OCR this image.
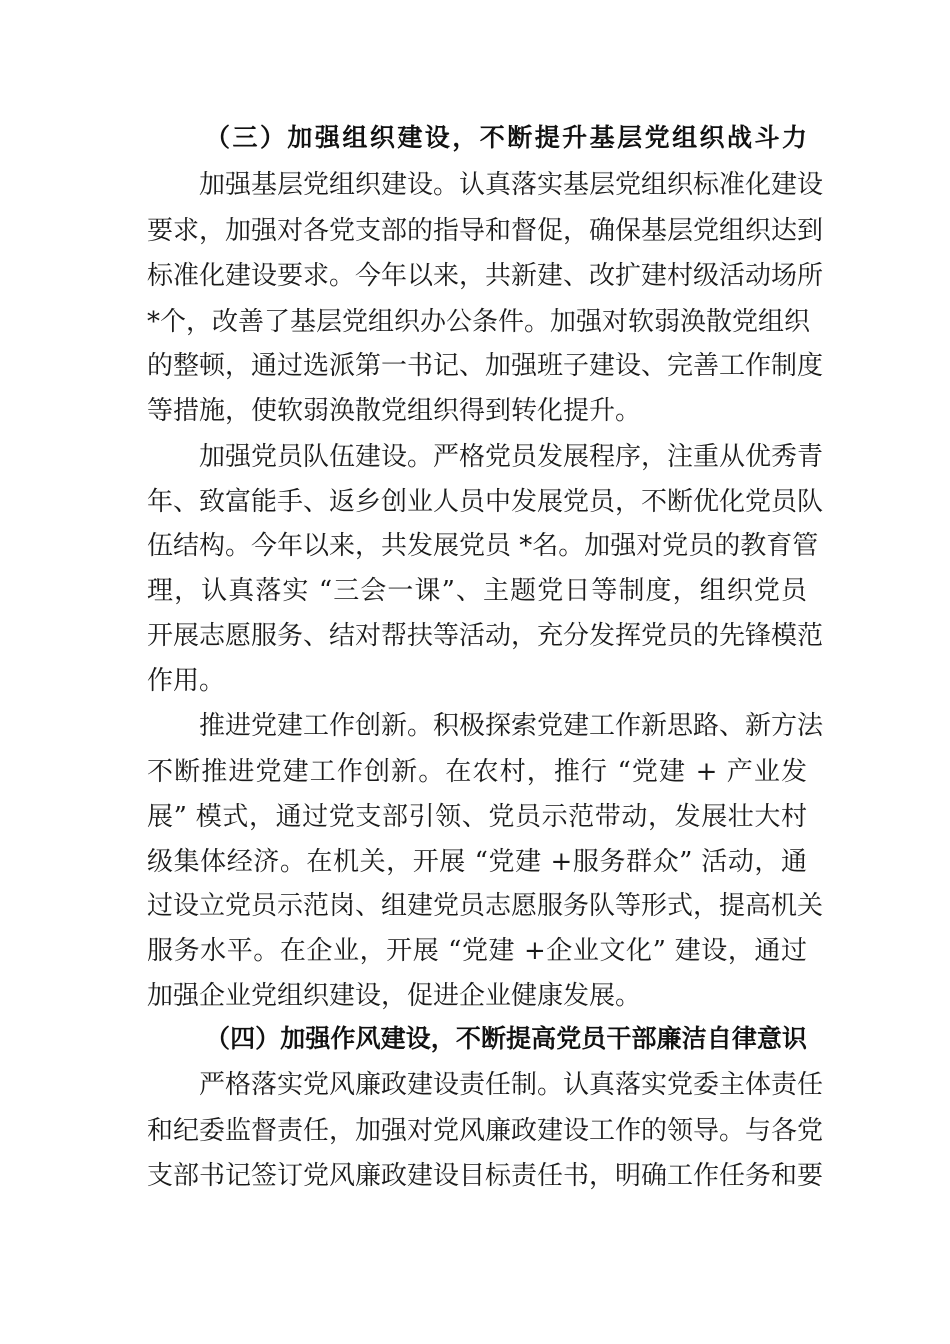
（三）加强组织建设，不断提升基层党组织战斗力
加强基层党组织建设。认真落实基层党组织标准化建设
要求，加强对各党支部的指导和督促，确保基层党组织达到
标准化建设要求。今年以来，共新建、改扩建村级活动场所
*个，改善了基层党组织办公条件。加强对软弱涣散党组织
的整顿，通过选派第一书记、加强班子建设、完善工作制度
等措施，使软弱涣散党组织得到转化提升。
加强党员队伍建设。严格党员发展程序，注重从优秀青
年、致富能手、返乡创业人员中发展党员，不断优化党员队
伍结构。今年以来，共发展党员 *名。加强对党员的教育管
理，认真落实 “三会一课”、主题党日等制度，组织党员
开展志愿服务、结对帮扶等活动，充分发挥党员的先锋模范
作用。
推进党建工作创新。积极探索党建工作新思路、新方法
不断推进党建工作创新。在农村，推行 “党建 + 产业发
展” 模式，通过党支部引领、党员示范带动，发展壮大村
级集体经济。在机关，开展 “党建 +服务群众” 活动，通
过设立党员示范岗、组建党员志愿服务队等形式，提高机关
服务水平。在企业，开展 “党建 +企业文化” 建设，通过
加强企业党组织建设，促进企业健康发展。
（四）加强作风建设，不断提高党员干部廉洁自律意识
严格落实党风廉政建设责任制。认真落实党委主体责任
和纪委监督责任，加强对党风廉政建设工作的领导。与各党
支部书记签订党风廉政建设目标责任书，明确工作任务和要
